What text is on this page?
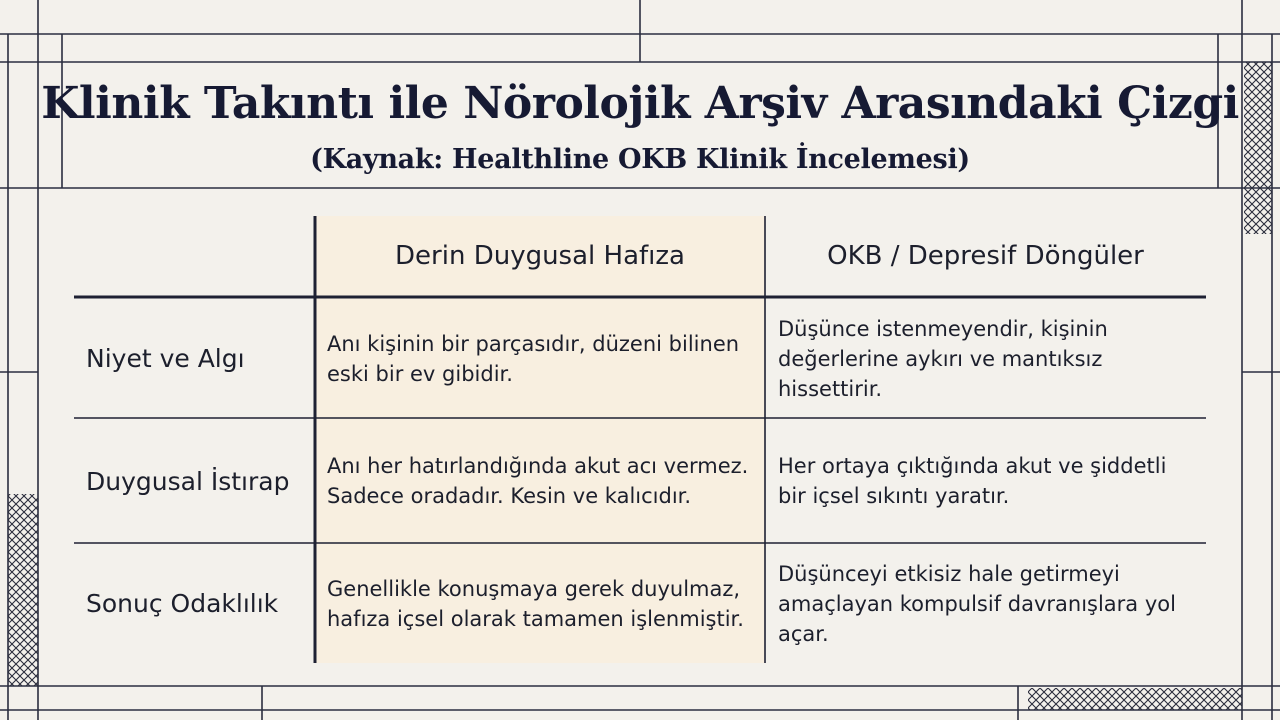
Klinik Takıntı ile Nörolojik Arşiv Arasındaki Çizgi
(Kaynak: Healthline OKB Klinik İncelemesi)
Derin Duygusal Hafıza	OKB / Depresif Döngüler
Niyet ve Algı
Anı kişinin bir parçasıdır, düzeni bilinen eski bir ev gibidir.
Düşünce istenmeyendir, kişinin değerlerine aykırı ve mantıksız hissettirir.
Duygusal İstırap
Anı her hatırlandığında akut acı vermez. Sadece oradadır. Kesin ve kalıcıdır.
Her ortaya çıktığında akut ve şiddetli bir içsel sıkıntı yaratır.
Sonuç Odaklılık
Genellikle konuşmaya gerek duyulmaz, hafıza içsel olarak tamamen işlenmiştir.
Düşünceyi etkisiz hale getirmeyi amaçlayan kompulsif davranışlara yol açar.
